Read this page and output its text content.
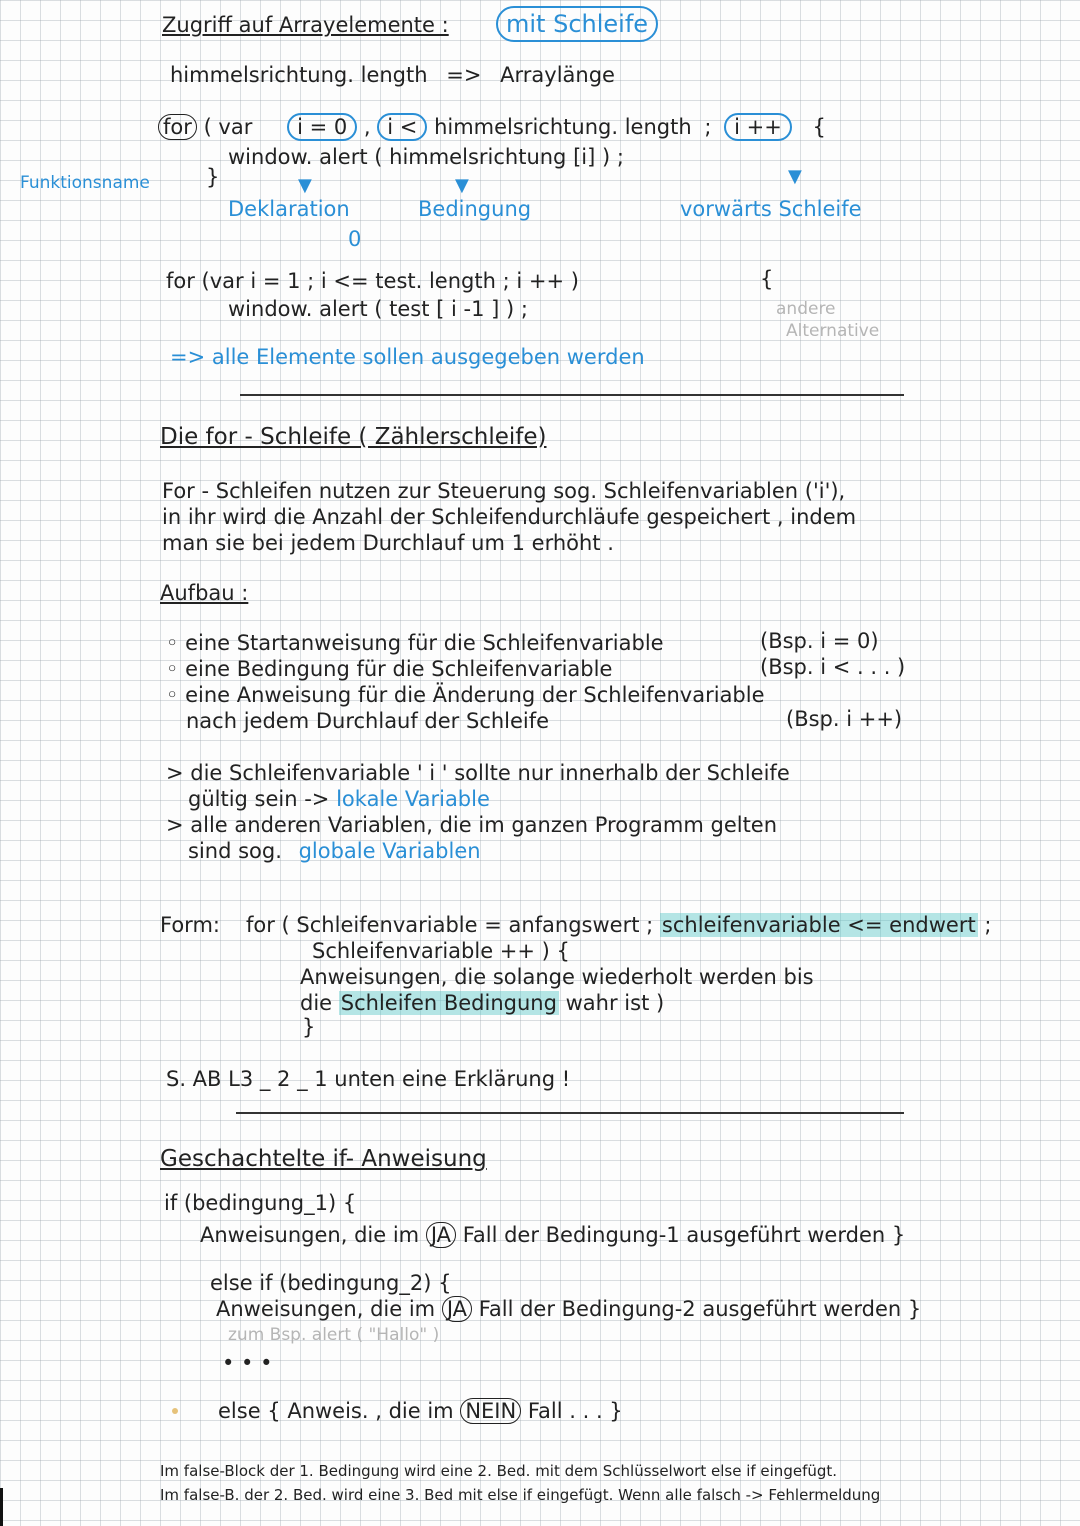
Zugriff auf Arrayelemente :	mit Schleife
himmelsrichtung. length => Arraylänge
for ( var i = 0 , i < himmelsrichtung. length ; i ++ {
window. alert ( himmelsrichtung [i] ) ;
}
Funktionsname	▼	▼	▼
Deklaration	Bedingung	vorwärts Schleife
0
for (var i = 1 ; i <= test. length ; i ++ )	{
window. alert ( test [ i -1 ] ) ;	andere
Alternative
=> alle Elemente sollen ausgegeben werden
Die for - Schleife ( Zählerschleife)
For - Schleifen nutzen zur Steuerung sog. Schleifenvariablen ('i'),
in ihr wird die Anzahl der Schleifendurchläufe gespeichert , indem
man sie bei jedem Durchlauf um 1 erhöht .
Aufbau :
◦ eine Startanweisung für die Schleifenvariable	(Bsp. i = 0)
◦ eine Bedingung für die Schleifenvariable	(Bsp. i < . . . )
◦ eine Anweisung für die Änderung der Schleifenvariable
nach jedem Durchlauf der Schleife	(Bsp. i ++)
> die Schleifenvariable ' i ' sollte nur innerhalb der Schleife
gültig sein -> lokale Variable
> alle anderen Variablen, die im ganzen Programm gelten
sind sog. globale Variablen
Form: for ( Schleifenvariable = anfangswert ; schleifenvariable <= endwert ;
Schleifenvariable ++ ) {
Anweisungen, die solange wiederholt werden bis
die Schleifen Bedingung wahr ist )
}
S. AB L3 _ 2 _ 1 unten eine Erklärung !
Geschachtelte if- Anweisung
if (bedingung_1) {
Anweisungen, die im JA Fall der Bedingung-1 ausgeführt werden }
else if (bedingung_2) {
Anweisungen, die im JA Fall der Bedingung-2 ausgeführt werden }
zum Bsp. alert ( "Hallo" )
• • •
else { Anweis. , die im NEIN Fall . . . }
Im false-Block der 1. Bedingung wird eine 2. Bed. mit dem Schlüsselwort else if eingefügt.
Im false-B. der 2. Bed. wird eine 3. Bed mit else if eingefügt. Wenn alle falsch -> Fehlermeldung
